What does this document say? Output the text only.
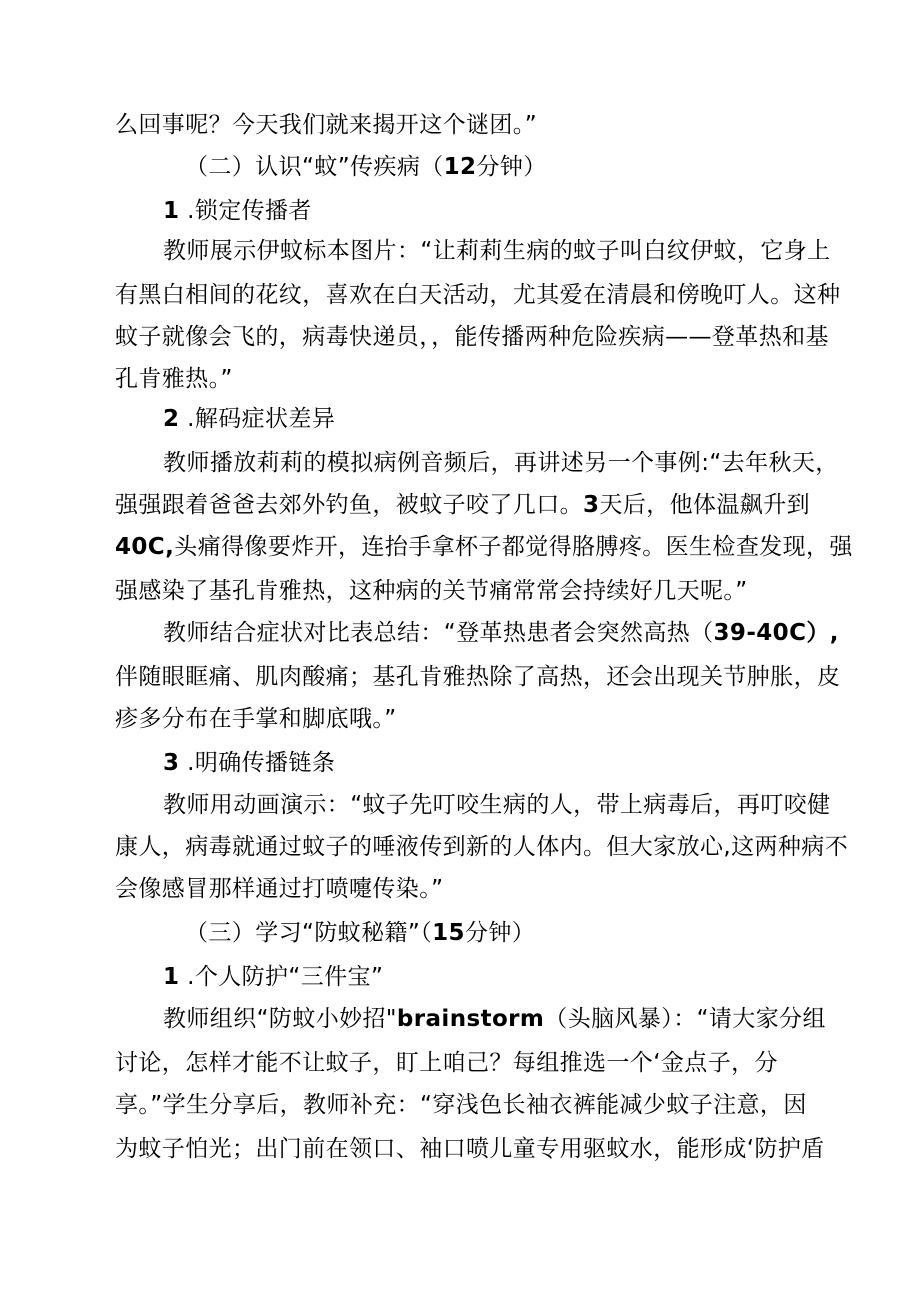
么回事呢？今天我们就来揭开这个谜团。”

（二）认识“蚊”传疾病（12分钟）

1 .锁定传播者

教师展示伊蚊标本图片：“让莉莉生病的蚊子叫白纹伊蚊，它身上

有黑白相间的花纹，喜欢在白天活动，尤其爱在清晨和傍晚叮人。这种

蚊子就像会飞的，病毒快递员，，能传播两种危险疾病——登革热和基

孔肯雅热。”

2 .解码症状差异

教师播放莉莉的模拟病例音频后，再讲述另一个事例:“去年秋天，

强强跟着爸爸去郊外钓鱼，被蚊子咬了几口。3天后，他体温飙升到

40C,头痛得像要炸开，连抬手拿杯子都觉得胳膊疼。医生检查发现，强

强感染了基孔肯雅热，这种病的关节痛常常会持续好几天呢。”

教师结合症状对比表总结：“登革热患者会突然高热（39-40C）,

伴随眼眶痛、肌肉酸痛；基孔肯雅热除了高热，还会出现关节肿胀，皮

疹多分布在手掌和脚底哦。”

3 .明确传播链条

教师用动画演示：“蚊子先叮咬生病的人，带上病毒后，再叮咬健

康人，病毒就通过蚊子的唾液传到新的人体内。但大家放心,这两种病不

会像感冒那样通过打喷嚏传染。”

（三）学习“防蚊秘籍”（15分钟）

1 .个人防护“三件宝”

教师组织“防蚊小妙招"brainstorm（头脑风暴）：“请大家分组

讨论，怎样才能不让蚊子，盯上咱己？每组推选一个‘金点子，分

享。”学生分享后，教师补充：“穿浅色长袖衣裤能减少蚊子注意，因

为蚊子怕光；出门前在领口、袖口喷儿童专用驱蚊水，能形成‘防护盾
